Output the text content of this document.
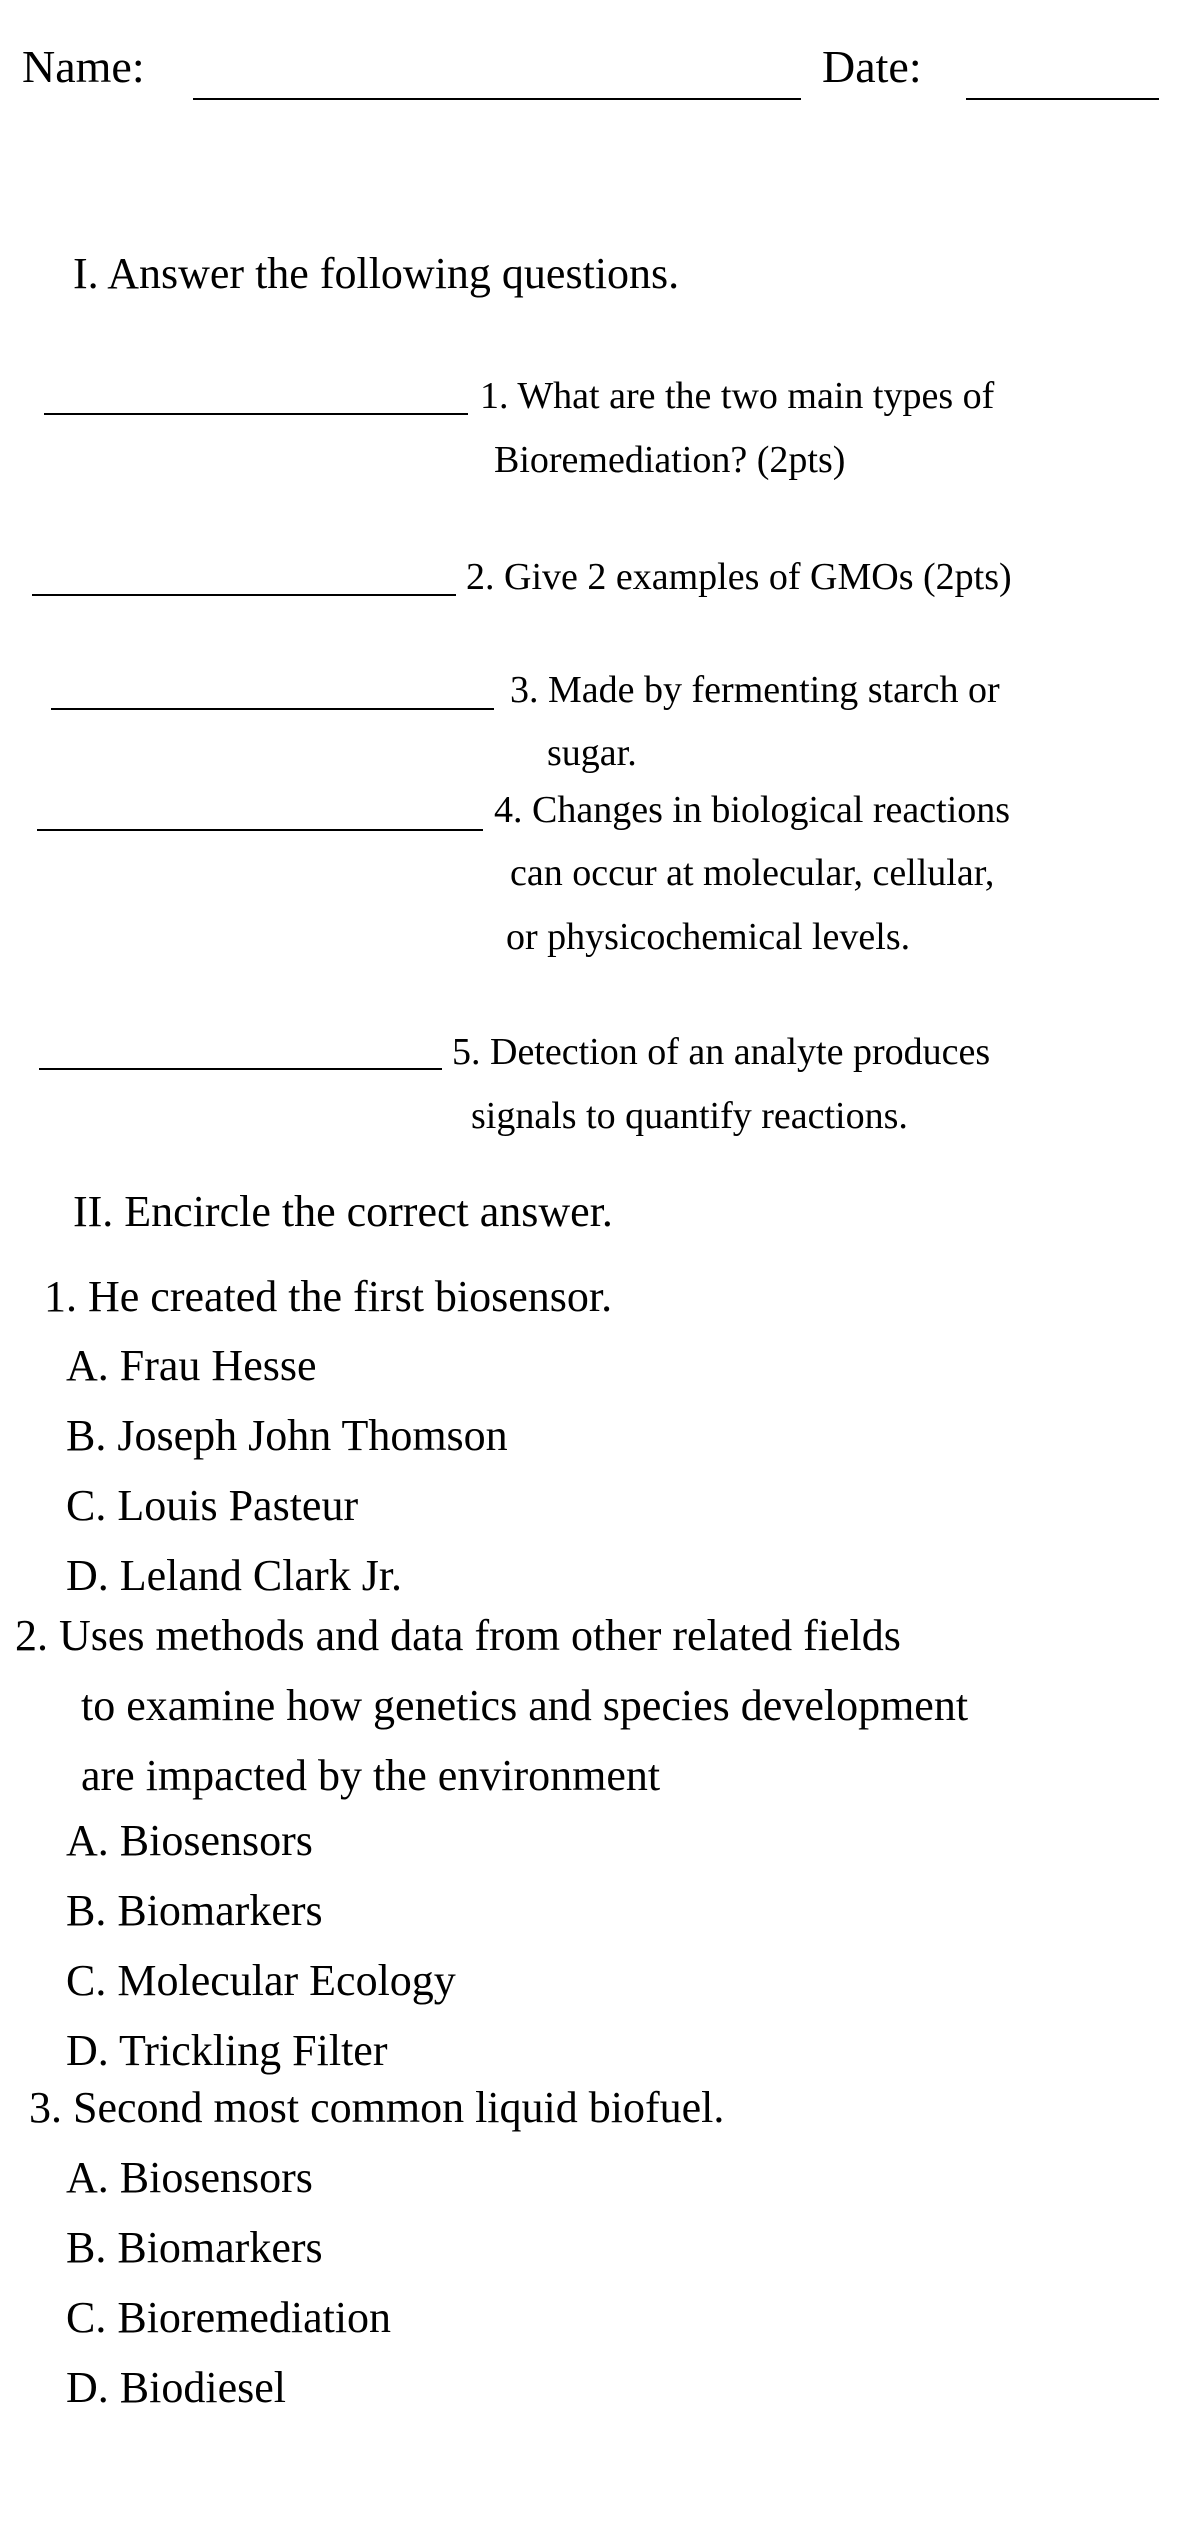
Name:	Date:
I. Answer the following questions.
1. What are the two main types of
Bioremediation? (2pts)
2. Give 2 examples of GMOs (2pts)
3. Made by fermenting starch or
sugar.
4. Changes in biological reactions
can occur at molecular, cellular,
or physicochemical levels.
5. Detection of an analyte produces
signals to quantify reactions.
II. Encircle the correct answer.
1. He created the first biosensor.
A. Frau Hesse
B. Joseph John Thomson
C. Louis Pasteur
D. Leland Clark Jr.
2. Uses methods and data from other related fields
to examine how genetics and species development
are impacted by the environment
A. Biosensors
B. Biomarkers
C. Molecular Ecology
D. Trickling Filter
3. Second most common liquid biofuel.
A. Biosensors
B. Biomarkers
C. Bioremediation
D. Biodiesel
